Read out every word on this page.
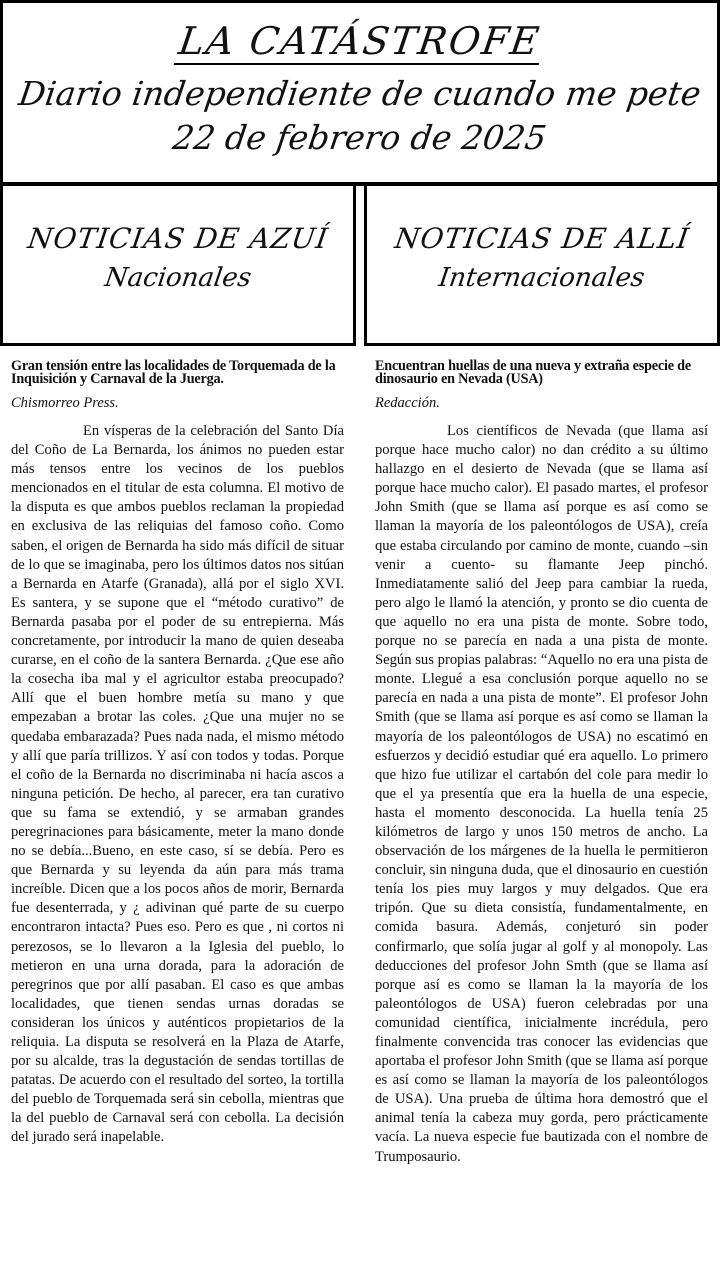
LA CATÁSTROFE
Diario independiente de cuando me pete
22 de febrero de 2025
NOTICIAS DE AZUÍ
Nacionales
NOTICIAS DE ALLÍ
Internacionales
Gran tensión entre las localidades de Torquemada de la Inquisición y Carnaval de la Juerga.
Chismorreo Press.

En vísperas de la celebración del Santo Día del Coño de La Bernarda, los ánimos no pueden estar más tensos entre los vecinos de los pueblos mencionados en el titular de esta columna. El motivo de la disputa es que ambos pueblos reclaman la propiedad en exclusiva de las reliquias del famoso coño. Como saben, el origen de Bernarda ha sido más difícil de situar de lo que se imaginaba, pero los últimos datos nos sitúan a Bernarda en Atarfe (Granada), allá por el siglo XVI. Es santera, y se supone que el “método curativo” de Bernarda pasaba por el poder de su entrepierna. Más concretamente, por introducir la mano de quien deseaba curarse, en el coño de la santera Bernarda. ¿Que ese año la cosecha iba mal y el agricultor estaba preocupado? Allí que el buen hombre metía su mano y que empezaban a brotar las coles. ¿Que una mujer no se quedaba embarazada? Pues nada nada, el mismo método y allí que paría trillizos. Y así con todos y todas. Porque el coño de la Bernarda no discriminaba ni hacía ascos a ninguna petición. De hecho, al parecer, era tan curativo que su fama se extendió, y se armaban grandes peregrinaciones para básicamente, meter la mano donde no se debía...Bueno, en este caso, sí se debía. Pero es que Bernarda y su leyenda da aún para más trama increíble. Dicen que a los pocos años de morir, Bernarda fue desenterrada, y ¿ adivinan qué parte de su cuerpo encontraron intacta? Pues eso. Pero es que , ni cortos ni perezosos, se lo llevaron a la Iglesia del pueblo, lo metieron en una urna dorada, para la adoración de peregrinos que por allí pasaban. El caso es que ambas localidades, que tienen sendas urnas doradas se consideran los únicos y auténticos propietarios de la reliquia. La disputa se resolverá en la Plaza de Atarfe, por su alcalde, tras la degustación de sendas tortillas de patatas. De acuerdo con el resultado del sorteo, la tortilla del pueblo de Torquemada será sin cebolla, mientras que la del pueblo de Carnaval será con cebolla. La decisión del jurado será inapelable.

Encuentran huellas de una nueva y extraña especie de dinosaurio en Nevada (USA)
Redacción.

Los científicos de Nevada (que llama así porque hace mucho calor) no dan crédito a su último hallazgo en el desierto de Nevada (que se llama así porque hace mucho calor). El pasado martes, el profesor John Smith (que se llama así porque es así como se llaman la mayoría de los paleontólogos de USA), creía que estaba circulando por camino de monte, cuando –sin venir a cuento- su flamante Jeep pinchó. Inmediatamente salió del Jeep para cambiar la rueda, pero algo le llamó la atención, y pronto se dio cuenta de que aquello no era una pista de monte. Sobre todo, porque no se parecía en nada a una pista de monte. Según sus propias palabras: “Aquello no era una pista de monte. Llegué a esa conclusión porque aquello no se parecía en nada a una pista de monte”. El profesor John Smith (que se llama así porque es así como se llaman la mayoría de los paleontólogos de USA) no escatimó en esfuerzos y decidió estudiar qué era aquello. Lo primero que hizo fue utilizar el cartabón del cole para medir lo que el ya presentía que era la huella de una especie, hasta el momento desconocida. La huella tenía 25 kilómetros de largo y unos 150 metros de ancho. La observación de los márgenes de la huella le permitieron concluir, sin ninguna duda, que el dinosaurio en cuestión tenía los pies muy largos y muy delgados. Que era tripón. Que su dieta consistía, fundamentalmente, en comida basura. Además, conjeturó sin poder confirmarlo, que solía jugar al golf y al monopoly. Las deducciones del profesor John Smth (que se llama así porque así es como se llaman la la mayoría de los paleontólogos de USA) fueron celebradas por una comunidad científica, inicialmente incrédula, pero finalmente convencida tras conocer las evidencias que aportaba el profesor John Smith (que se llama así porque es así como se llaman la mayoría de los paleontólogos de USA). Una prueba de última hora demostró que el animal tenía la cabeza muy gorda, pero prácticamente vacía. La nueva especie fue bautizada con el nombre de Trumposaurio.
